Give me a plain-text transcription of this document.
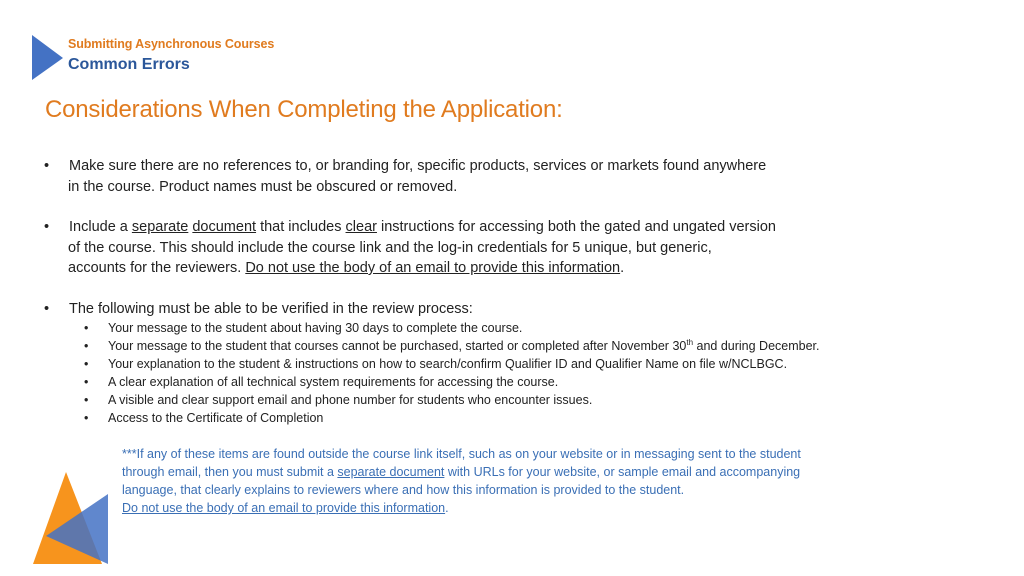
Submitting Asynchronous Courses
Common Errors
Considerations When Completing the Application:
•	Make sure there are no references to, or branding for, specific products, services or markets found anywhere
in the course. Product names must be obscured or removed.
•	Include a separate document that includes clear instructions for accessing both the gated and ungated version
of the course. This should include the course link and the log-in credentials for 5 unique, but generic,
accounts for the reviewers. Do not use the body of an email to provide this information.
•	The following must be able to be verified in the review process:
•	Your message to the student about having 30 days to complete the course.
•	Your message to the student that courses cannot be purchased, started or completed after November 30th and during December.
•	Your explanation to the student & instructions on how to search/confirm Qualifier ID and Qualifier Name on file w/NCLBGC.
•	A clear explanation of all technical system requirements for accessing the course.
•	A visible and clear support email and phone number for students who encounter issues.
•	Access to the Certificate of Completion
***If any of these items are found outside the course link itself, such as on your website or in messaging sent to the student
through email, then you must submit a separate document with URLs for your website, or sample email and accompanying
language, that clearly explains to reviewers where and how this information is provided to the student.
Do not use the body of an email to provide this information.
